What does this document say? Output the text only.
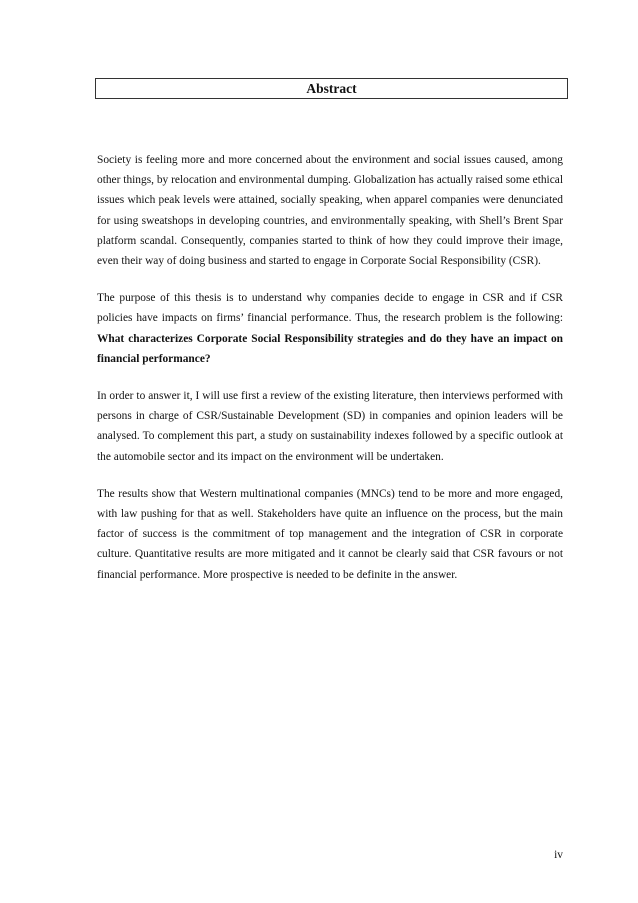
Abstract

Society is feeling more and more concerned about the environment and social issues caused, among other things, by relocation and environmental dumping. Globalization has actually raised some ethical issues which peak levels were attained, socially speaking, when apparel companies were denunciated for using sweatshops in developing countries, and environmentally speaking, with Shell’s Brent Spar platform scandal. Consequently, companies started to think of how they could improve their image, even their way of doing business and started to engage in Corporate Social Responsibility (CSR).

The purpose of this thesis is to understand why companies decide to engage in CSR and if CSR policies have impacts on firms’ financial performance. Thus, the research problem is the following: What characterizes Corporate Social Responsibility strategies and do they have an impact on financial performance?

In order to answer it, I will use first a review of the existing literature, then interviews performed with persons in charge of CSR/Sustainable Development (SD) in companies and opinion leaders will be analysed. To complement this part, a study on sustainability indexes followed by a specific outlook at the automobile sector and its impact on the environment will be undertaken.

The results show that Western multinational companies (MNCs) tend to be more and more engaged, with law pushing for that as well. Stakeholders have quite an influence on the process, but the main factor of success is the commitment of top management and the integration of CSR in corporate culture. Quantitative results are more mitigated and it cannot be clearly said that CSR favours or not financial performance. More prospective is needed to be definite in the answer.

iv
